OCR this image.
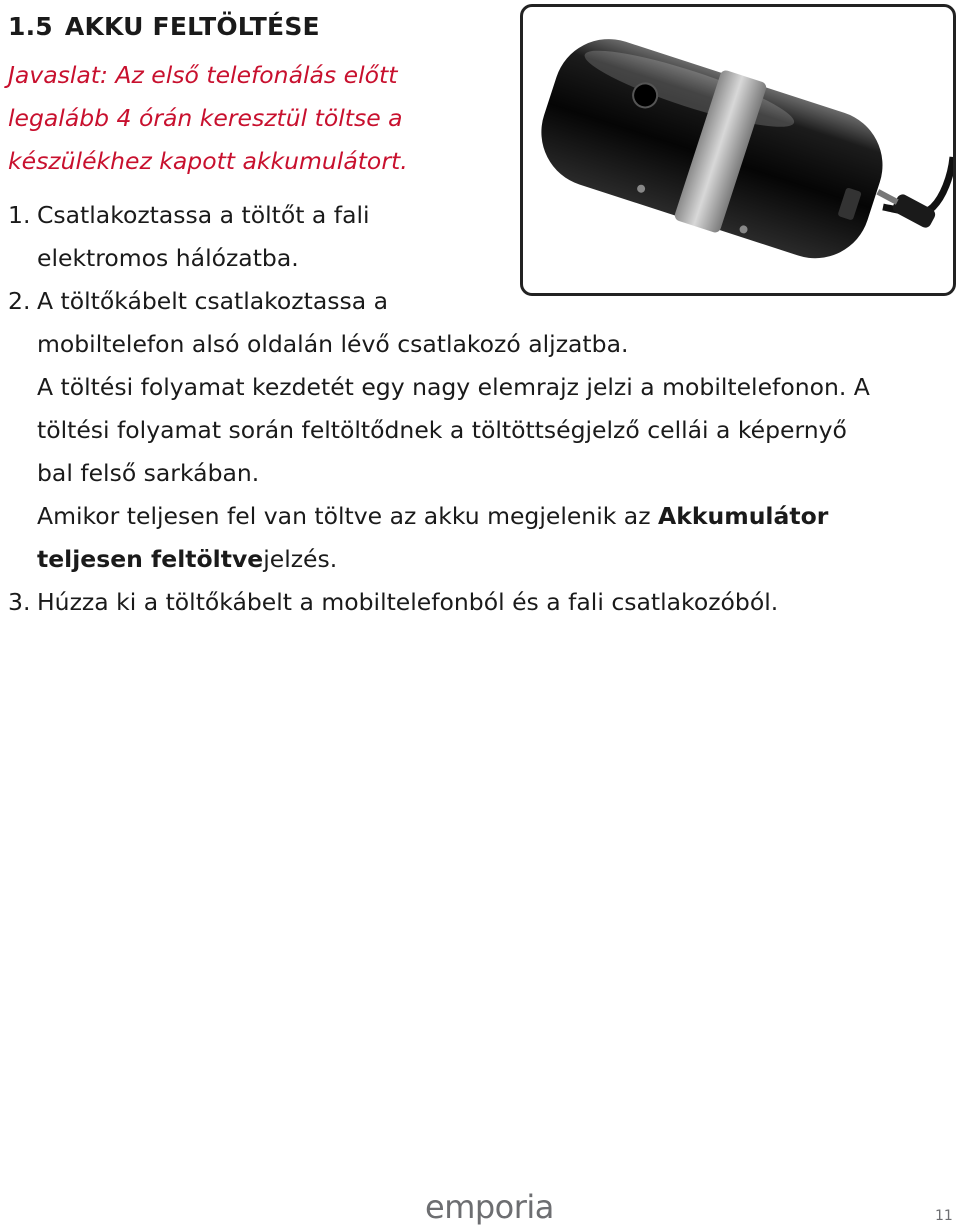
1.5 AKKU FELTÖLTÉSE

Javaslat: Az első telefonálás előtt
legalább 4 órán keresztül töltse a
készülékhez kapott akkumulátort.

1. Csatlakoztassa a töltőt a fali
elektromos hálózatba.
2. A töltőkábelt csatlakoztassa a
mobiltelefon alsó oldalán lévő csatlakozó aljzatba.
A töltési folyamat kezdetét egy nagy elemrajz jelzi a mobiltelefonon. A
töltési folyamat során feltöltődnek a töltöttségjelző cellái a képernyő
bal felső sarkában.
Amikor teljesen fel van töltve az akku megjelenik az Akkumulátor
teljesen feltöltvejelzés.
3. Húzza ki a töltőkábelt a mobiltelefonból és a fali csatlakozóból.
emporia	11
